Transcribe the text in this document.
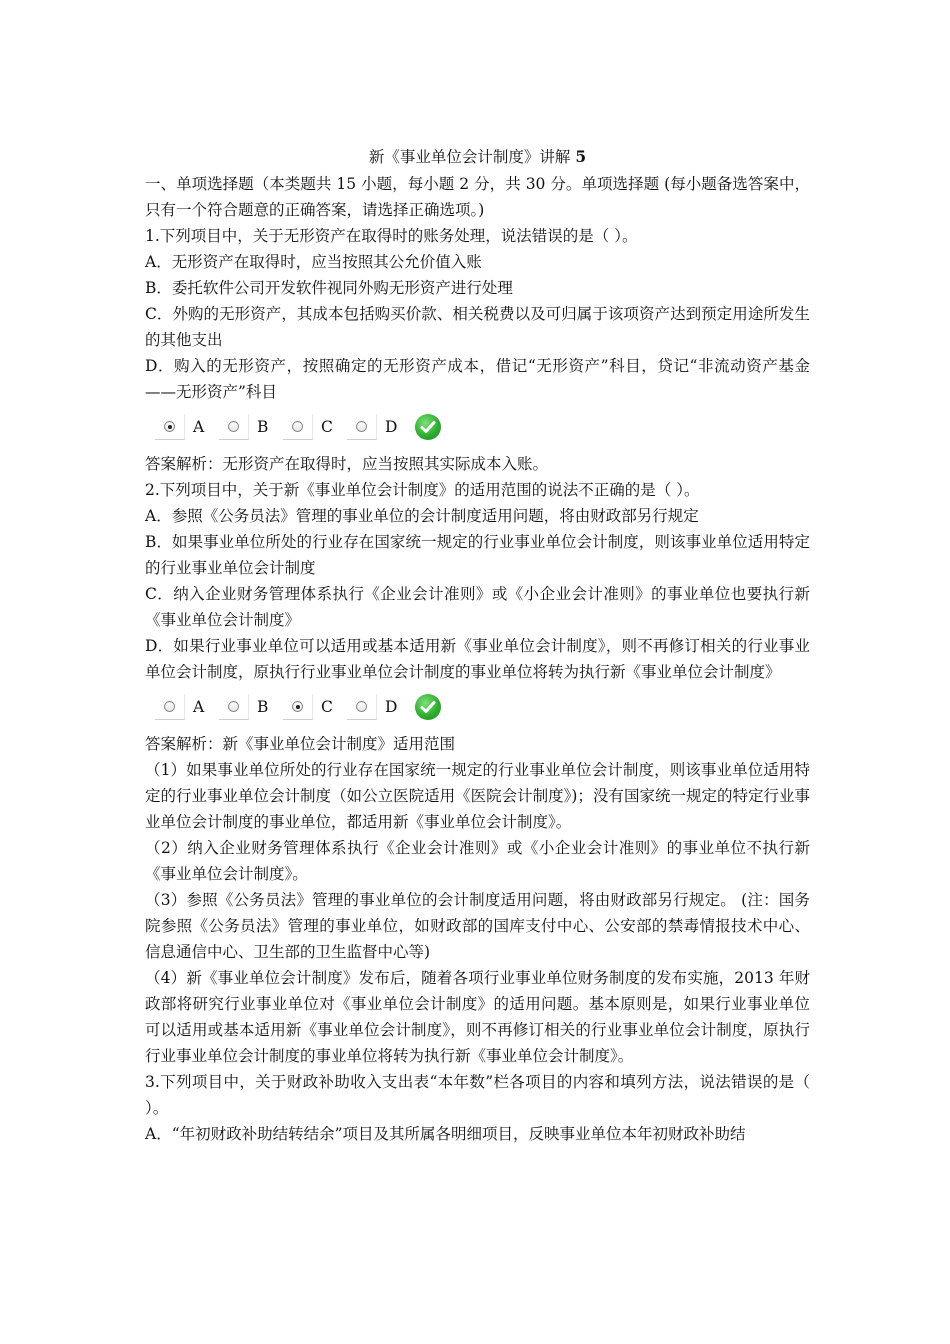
新《事业单位会计制度》讲解 5

一、单项选择题（本类题共 15 小题，每小题 2 分，共 30 分。单项选择题 (每小题备选答案中，只有一个符合题意的正确答案，请选择正确选项。)

1.下列项目中，关于无形资产在取得时的账务处理，说法错误的是（ ）。

A．无形资产在取得时，应当按照其公允价值入账

B．委托软件公司开发软件视同外购无形资产进行处理

C．外购的无形资产，其成本包括购买价款、相关税费以及可归属于该项资产达到预定用途所发生的其他支出

D．购入的无形资产，按照确定的无形资产成本，借记“无形资产”科目，贷记“非流动资产基金——无形资产”科目

A	B	C	D

答案解析：无形资产在取得时，应当按照其实际成本入账。

2.下列项目中，关于新《事业单位会计制度》的适用范围的说法不正确的是（ ）。

A．参照《公务员法》管理的事业单位的会计制度适用问题，将由财政部另行规定

B．如果事业单位所处的行业存在国家统一规定的行业事业单位会计制度，则该事业单位适用特定的行业事业单位会计制度

C．纳入企业财务管理体系执行《企业会计准则》或《小企业会计准则》的事业单位也要执行新《事业单位会计制度》

D．如果行业事业单位可以适用或基本适用新《事业单位会计制度》，则不再修订相关的行业事业单位会计制度，原执行行业事业单位会计制度的事业单位将转为执行新《事业单位会计制度》

A	B	C	D

答案解析：新《事业单位会计制度》适用范围

（1）如果事业单位所处的行业存在国家统一规定的行业事业单位会计制度，则该事业单位适用特定的行业事业单位会计制度（如公立医院适用《医院会计制度》)；没有国家统一规定的特定行业事业单位会计制度的事业单位，都适用新《事业单位会计制度》。

（2）纳入企业财务管理体系执行《企业会计准则》或《小企业会计准则》的事业单位不执行新《事业单位会计制度》。

（3）参照《公务员法》管理的事业单位的会计制度适用问题，将由财政部另行规定。 (注：国务院参照《公务员法》管理的事业单位，如财政部的国库支付中心、公安部的禁毒情报技术中心、信息通信中心、卫生部的卫生监督中心等)

（4）新《事业单位会计制度》发布后，随着各项行业事业单位财务制度的发布实施，2013 年财政部将研究行业事业单位对《事业单位会计制度》的适用问题。基本原则是，如果行业事业单位可以适用或基本适用新《事业单位会计制度》，则不再修订相关的行业事业单位会计制度，原执行行业事业单位会计制度的事业单位将转为执行新《事业单位会计制度》。

3.下列项目中，关于财政补助收入支出表“本年数”栏各项目的内容和填列方法，说法错误的是（ ）。

A．“年初财政补助结转结余”项目及其所属各明细项目，反映事业单位本年初财政补助结
